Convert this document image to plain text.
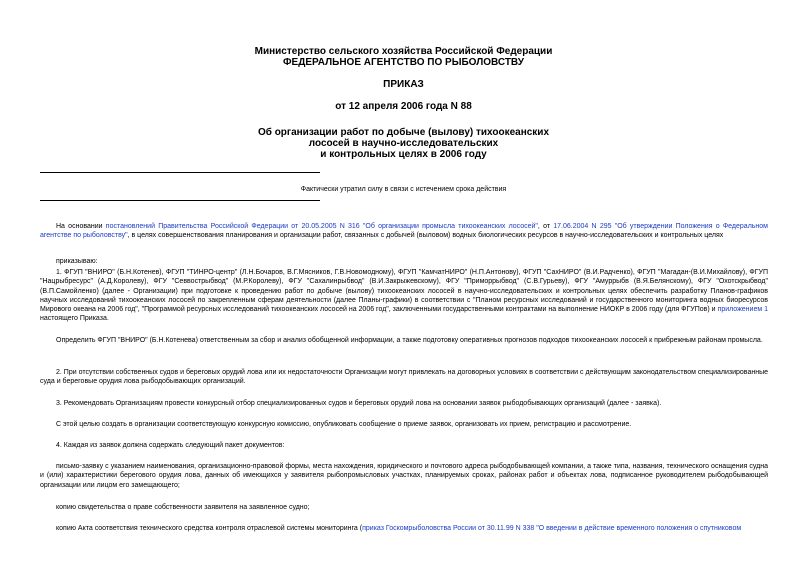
Министерство сельского хозяйства Российской Федерации
ФЕДЕРАЛЬНОЕ АГЕНТСТВО ПО РЫБОЛОВСТВУ
ПРИКАЗ
от 12 апреля 2006 года N 88
Об организации работ по добыче (вылову) тихоокеанских
лососей в научно-исследовательских
и контрольных целях в 2006 году
Фактически утратил силу в связи с истечением срока действия
На основании постановлений Правительства Российской Федерации от 20.05.2005 N 316 "Об организации промысла тихоокеанских лососей", от 17.06.2004 N 295 "Об утверждении Положения о Федеральном агентстве по рыболовству", в целях совершенствования планирования и организации работ, связанных с добычей (выловом) водных биологических ресурсов в научно-исследовательских и контрольных целях
приказываю:
1. ФГУП "ВНИРО" (Б.Н.Котенев), ФГУП "ТИНРО-центр" (Л.Н.Бочаров, В.Г.Мясников, Г.В.Новомодному), ФГУП "КамчатНИРО" (Н.П.Антонову), ФГУП "СахНИРО" (В.И.Радченко), ФГУП "Магадан-(В.И.Михайлову), ФГУП "Нацрыбресурс" (А.Д.Королеву), ФГУ "Севвострыбвод" (М.Р.Королеву), ФГУ "Сахалинрыбвод" (В.И.Закрыжевскому), ФГУ "Приморрыбвод" (С.В.Гурьеву), ФГУ "Амуррыбв (В.Я.Белянскому), ФГУ "Охотскрыбвод" (В.П.Самойленко) (далее - Организации) при подготовке к проведению работ по добыче (вылову) тихоокеанских лососей в научно-исследовательских и контрольных целях обеспечить разработку Планов-графиков научных исследований тихоокеанских лососей по закрепленным сферам деятельности (далее Планы-графики) в соответствии с "Планом ресурсных исследований и государственного мониторинга водных биоресурсов Мирового океана на 2006 год", "Программой ресурсных исследований тихоокеанских лососей на 2006 год", заключенными государственными контрактами на выполнение НИОКР в 2006 году (для ФГУПов) и приложением 1 настоящего Приказа.
Определить ФГУП "ВНИРО" (Б.Н.Котенева) ответственным за сбор и анализ обобщенной информации, а также подготовку оперативных прогнозов подходов тихоокеанских лососей к прибрежным районам промысла.
2. При отсутствии собственных судов и береговых орудий лова или их недостаточности Организации могут привлекать на договорных условиях в соответствии с действующим законодательством специализированные суда и береговые орудия лова рыбодобывающих организаций.
3. Рекомендовать Организациям провести конкурсный отбор специализированных судов и береговых орудий лова на основании заявок рыбодобывающих организаций (далее - заявка).
С этой целью создать в организации соответствующую конкурсную комиссию, опубликовать сообщение о приеме заявок, организовать их прием, регистрацию и рассмотрение.
4. Каждая из заявок должна содержать следующий пакет документов:
письмо-заявку с указанием наименования, организационно-правовой формы, места нахождения, юридического и почтового адреса рыбодобывающей компании, а также типа, названия, технического оснащения судна и (или) характеристики берегового орудия лова, данных об имеющихся у заявителя рыбопромысловых участках, планируемых сроках, районах работ и объектах лова, подписанное руководителем рыбодобывающей организации или лицом его замещающего;
копию свидетельства о праве собственности заявителя на заявленное судно;
копию Акта соответствия технического средства контроля отраслевой системы мониторинга (приказ Госкомрыболовства России от 30.11.99 N 338 "О введении в действие временного положения о спутниковом
